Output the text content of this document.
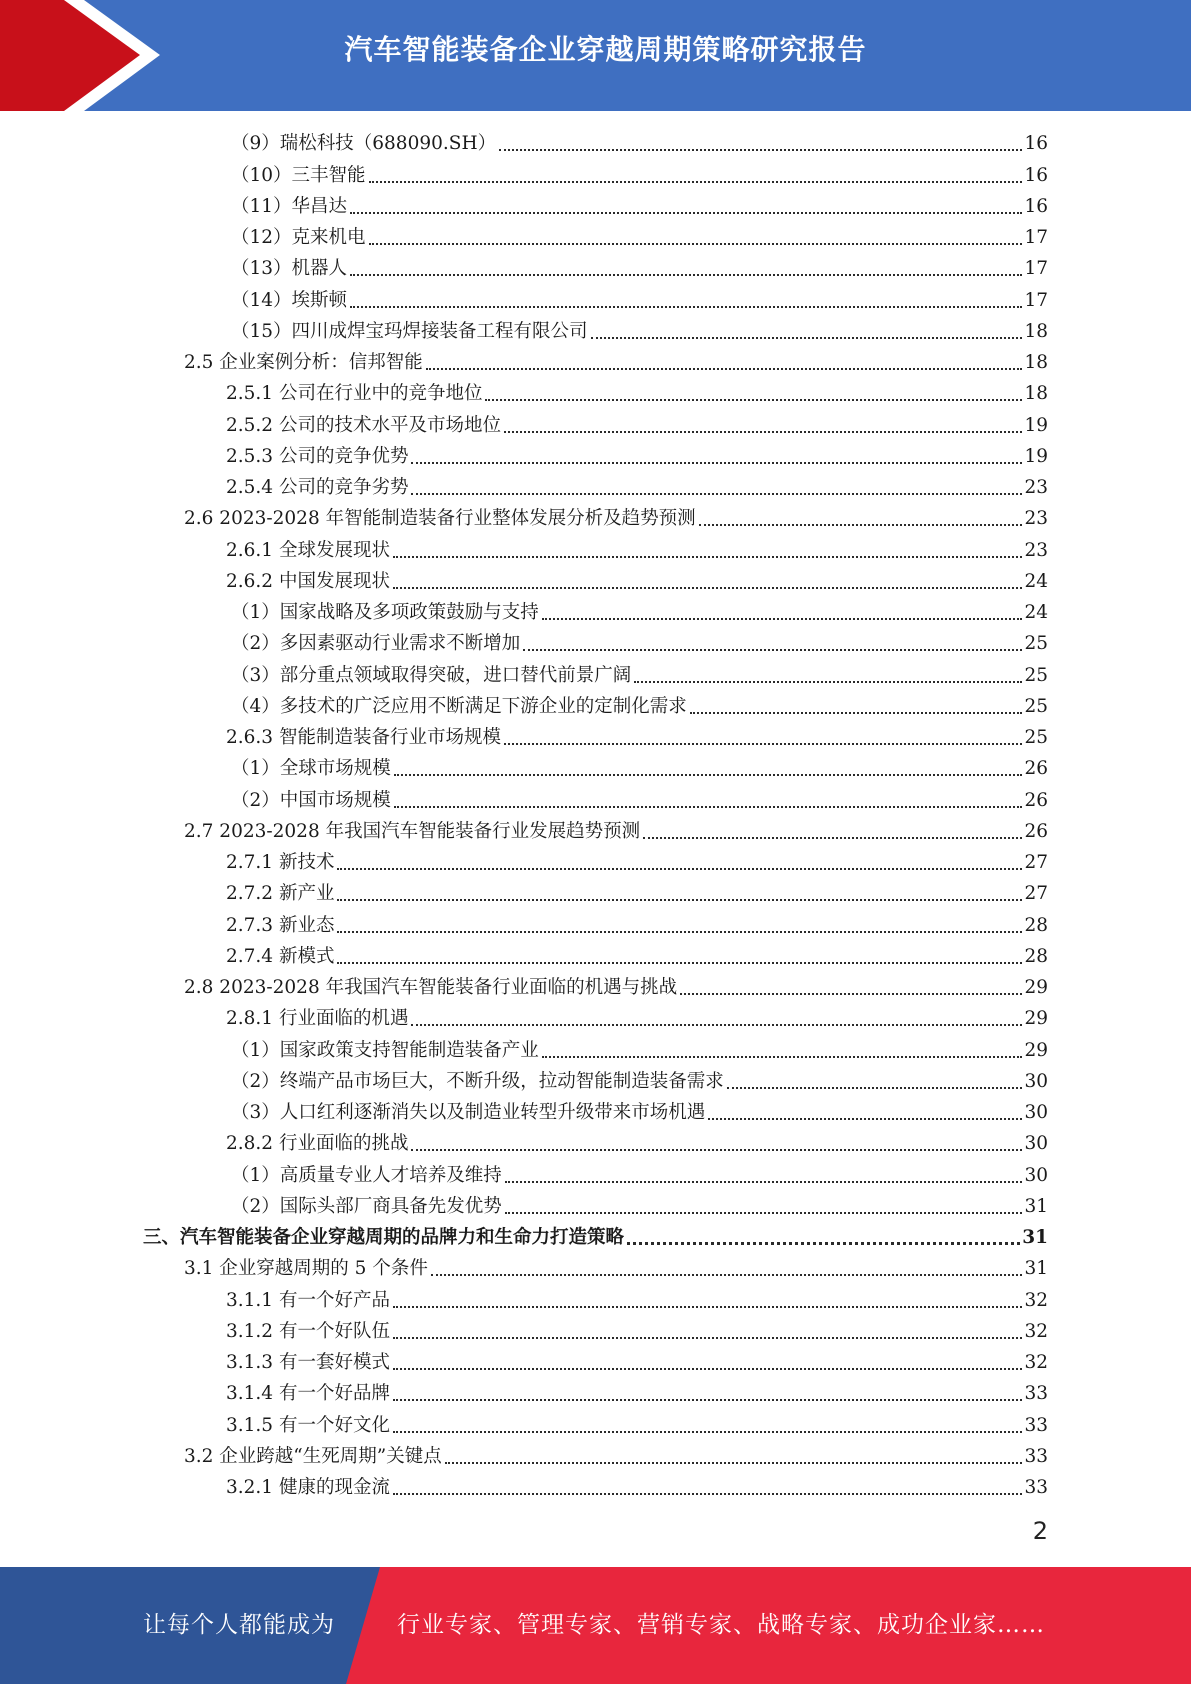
汽车智能装备企业穿越周期策略研究报告
（9）瑞松科技（688090.SH）	16
（10）三丰智能	16
（11）华昌达	16
（12）克来机电	17
（13）机器人	17
（14）埃斯顿	17
（15）四川成焊宝玛焊接装备工程有限公司	18
2.5 企业案例分析：信邦智能	18
2.5.1 公司在行业中的竞争地位	18
2.5.2 公司的技术水平及市场地位	19
2.5.3 公司的竞争优势	19
2.5.4 公司的竞争劣势	23
2.6 2023-2028 年智能制造装备行业整体发展分析及趋势预测	23
2.6.1 全球发展现状	23
2.6.2 中国发展现状	24
（1）国家战略及多项政策鼓励与支持	24
（2）多因素驱动行业需求不断增加	25
（3）部分重点领域取得突破，进口替代前景广阔	25
（4）多技术的广泛应用不断满足下游企业的定制化需求	25
2.6.3 智能制造装备行业市场规模	25
（1）全球市场规模	26
（2）中国市场规模	26
2.7 2023-2028 年我国汽车智能装备行业发展趋势预测	26
2.7.1 新技术	27
2.7.2 新产业	27
2.7.3 新业态	28
2.7.4 新模式	28
2.8 2023-2028 年我国汽车智能装备行业面临的机遇与挑战	29
2.8.1 行业面临的机遇	29
（1）国家政策支持智能制造装备产业	29
（2）终端产品市场巨大，不断升级，拉动智能制造装备需求	30
（3）人口红利逐渐消失以及制造业转型升级带来市场机遇	30
2.8.2 行业面临的挑战	30
（1）高质量专业人才培养及维持	30
（2）国际头部厂商具备先发优势	31
三、汽车智能装备企业穿越周期的品牌力和生命力打造策略	31
3.1 企业穿越周期的 5 个条件	31
3.1.1 有一个好产品	32
3.1.2 有一个好队伍	32
3.1.3 有一套好模式	32
3.1.4 有一个好品牌	33
3.1.5 有一个好文化	33
3.2 企业跨越“生死周期”关键点	33
3.2.1 健康的现金流	33
2
让每个人都能成为	行业专家、管理专家、营销专家、战略专家、成功企业家……
